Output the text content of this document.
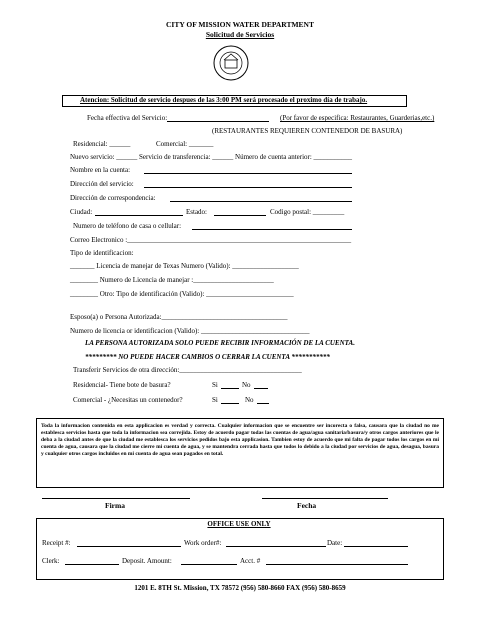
CITY OF MISSION WATER DEPARTMENT
Solicitud de Servicios
Atencion: Solicitud de servicio despues de las 3:00 PM será procesado el proximo día de trabajo.
Fecha effectiva del Servicio:	(Por favor de especifica: Restaurantes, Guarderias,etc.)
(RESTAURANTES REQUIEREN CONTENEDOR DE BASURA)
Residencial: ______	Comercial: _______
Nuevo servicio: ______ Servicio de transferencia: ______ Número de cuenta anterior: ___________
Nombre en la cuenta:
Dirección del servicio:
Dirección de correspondencia:
Ciudad:	Estado:	Codigo postal: _________
Numero de teléfono de casa o cellular:
Correo Electronico :________________________________________________________________
Tipo de identificacion:
_______ Licencia de manejar de Texas Numero (Valido): ___________________
________ Numero de Licencia de manejar :_______________________
________ Otro: Tipo de identificación (Valido): _________________________
Esposo(a) o Persona Autorizada:____________________________________
Numero de licencia or identificacion (Valido): _______________________________
LA PERSONA AUTORIZADA SOLO PUEDE RECIBIR INFORMACIÓN DE LA CUENTA.
********* NO PUEDE HACER CAMBIOS O CERRAR LA CUENTA ***********
Transferir Servicios de otra dirección:___________________________________
Residencial- Tiene bote de basura?	Si	No
Comercial - ¿Necesitas un contenedor?	Si	No
Toda la informacion contenida en esta applicacion es verdad y correcta. Cualquier informacion que se encuentre ser incorecta o falsa, causara que la ciudad no me establesca servicios hasta que toda la informacion sea correjida. Estoy de acuerdo pagar todas las cuentas de agua/agua sanitaria/basura/y otros cargos anteriores que le deba a la ciudad antes de que la ciudad me establesca los servicios pedidos bajo esta applicasion. Tambien estoy de acuerdo que mi falta de pagar todos los cargos en mi cuenta de agua, causara que la ciudad me cierre mi cuenta de agua, y se mantendra cerrada hasta que todos lo debido a la ciudad por servicios de agua, desagua, basura y cualquier otros cargos incluidos en mi cuenta de agua sean pagados en total.
Firma	Fecha
OFFICE USE ONLY
Receipt #:	Work order#:	Date:
Clerk:	Deposit. Amount:	Acct. #
1201 E. 8TH St. Mission, TX 78572 (956) 580-8660 FAX (956) 580-8659
